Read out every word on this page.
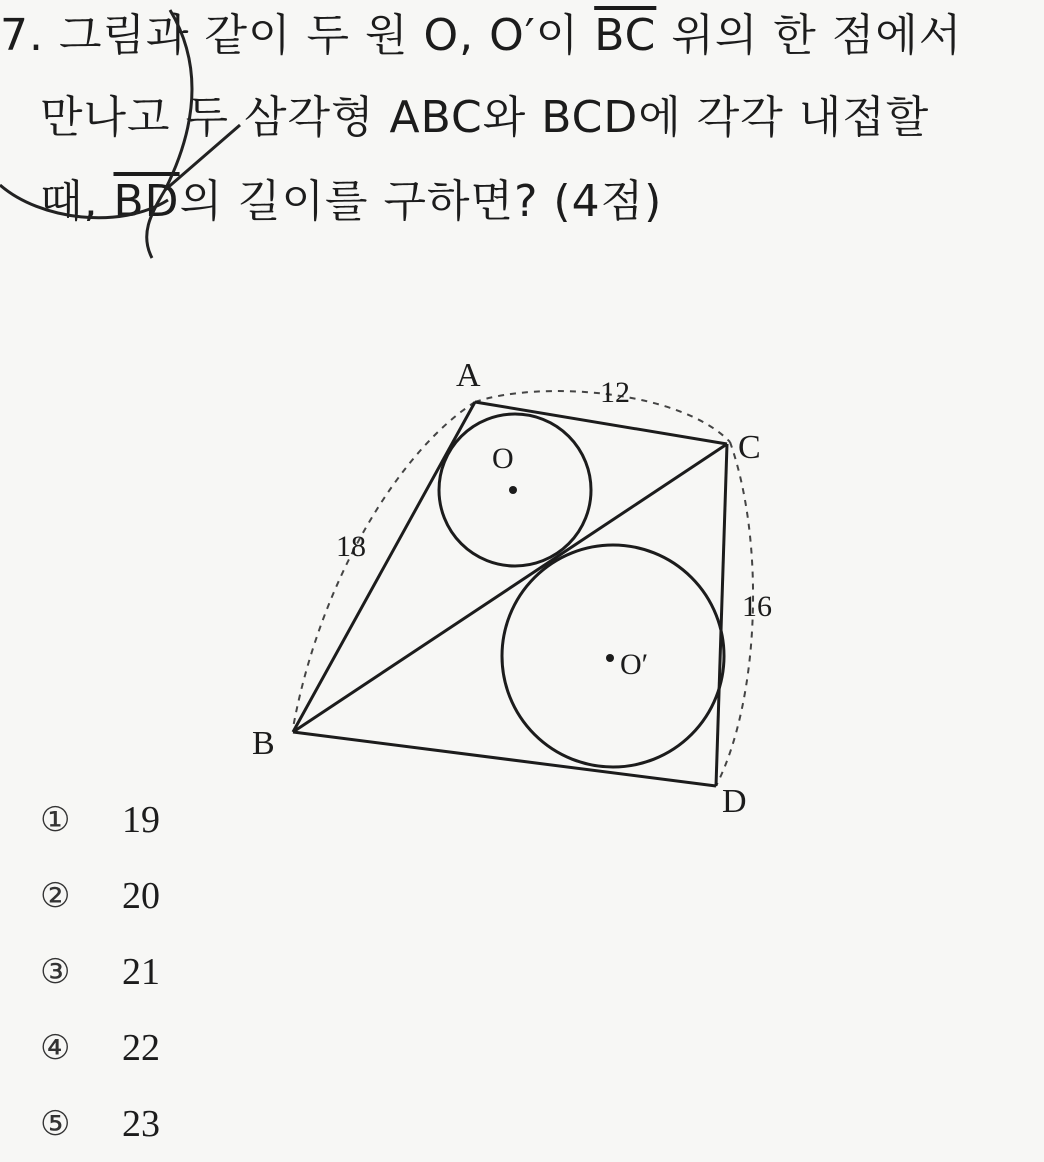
7. 그림과 같이 두 원 O, O′이 $\overline{BC}$ 위의 한 점에서

만나고 두 삼각형 ABC와 BCD에 각각 내접할

때, $\overline{BD}$의 길이를 구하면? (4점)

A
B
C
D
O
O′
18
12
16
①	19
②	20
③	21
④	22
⑤	23
